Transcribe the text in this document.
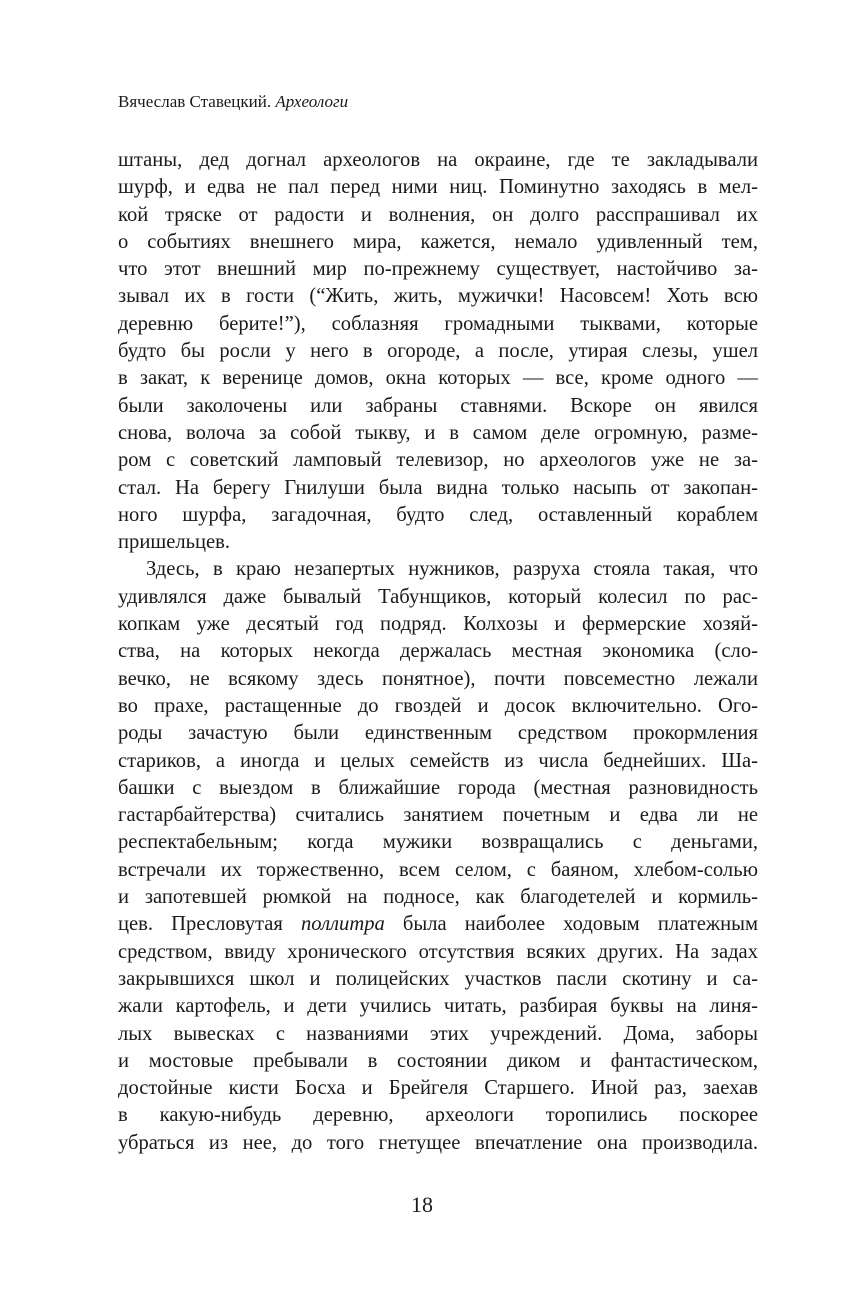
Вячеслав Ставецкий. Археологи
штаны, дед догнал археологов на окраине, где те закладывали
шурф, и едва не пал перед ними ниц. Поминутно заходясь в мел-
кой тряске от радости и волнения, он долго расспрашивал их
о событиях внешнего мира, кажется, немало удивленный тем,
что этот внешний мир по-прежнему существует, настойчиво за-
зывал их в гости (“Жить, жить, мужички! Насовсем! Хоть всю
деревню берите!”), соблазняя громадными тыквами, которые
будто бы росли у него в огороде, а после, утирая слезы, ушел
в закат, к веренице домов, окна которых — все, кроме одного —
были заколочены или забраны ставнями. Вскоре он явился
снова, волоча за собой тыкву, и в самом деле огромную, разме-
ром с советский ламповый телевизор, но археологов уже не за-
стал. На берегу Гнилуши была видна только насыпь от закопан-
ного шурфа, загадочная, будто след, оставленный кораблем
пришельцев.
Здесь, в краю незапертых нужников, разруха стояла такая, что
удивлялся даже бывалый Табунщиков, который колесил по рас-
копкам уже десятый год подряд. Колхозы и фермерские хозяй-
ства, на которых некогда держалась местная экономика (сло-
вечко, не всякому здесь понятное), почти повсеместно лежали
во прахе, растащенные до гвоздей и досок включительно. Ого-
роды зачастую были единственным средством прокормления
стариков, а иногда и целых семейств из числа беднейших. Ша-
башки с выездом в ближайшие города (местная разновидность
гастарбайтерства) считались занятием почетным и едва ли не
респектабельным; когда мужики возвращались с деньгами,
встречали их торжественно, всем селом, с баяном, хлебом-солью
и запотевшей рюмкой на подносе, как благодетелей и кормиль-
цев. Пресловутая поллитра была наиболее ходовым платежным
средством, ввиду хронического отсутствия всяких других. На задах
закрывшихся школ и полицейских участков пасли скотину и са-
жали картофель, и дети учились читать, разбирая буквы на линя-
лых вывесках с названиями этих учреждений. Дома, заборы
и мостовые пребывали в состоянии диком и фантастическом,
достойные кисти Босха и Брейгеля Старшего. Иной раз, заехав
в какую-нибудь деревню, археологи торопились поскорее
убраться из нее, до того гнетущее впечатление она производила.
18
